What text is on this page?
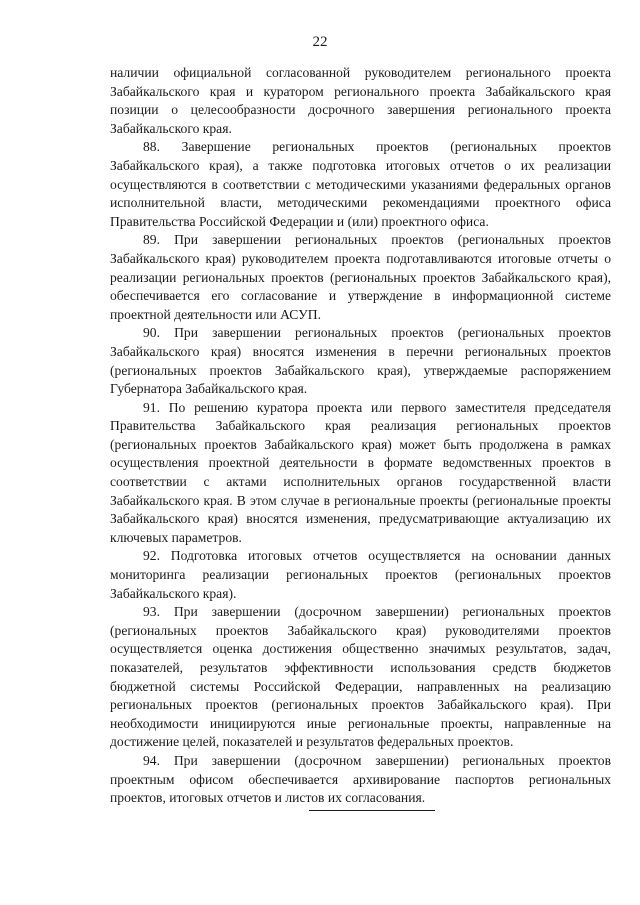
22

наличии официальной согласованной руководителем регионального проекта Забайкальского края и куратором регионального проекта Забайкальского края позиции о целесообразности досрочного завершения регионального проекта Забайкальского края.

88. Завершение региональных проектов (региональных проектов Забайкальского края), а также подготовка итоговых отчетов о их реализации осуществляются в соответствии с методическими указаниями федеральных органов исполнительной власти, методическими рекомендациями проектного офиса Правительства Российской Федерации и (или) проектного офиса.

89. При завершении региональных проектов (региональных проектов Забайкальского края) руководителем проекта подготавливаются итоговые отчеты о реализации региональных проектов (региональных проектов Забайкальского края), обеспечивается его согласование и утверждение в информационной системе проектной деятельности или АСУП.

90. При завершении региональных проектов (региональных проектов Забайкальского края) вносятся изменения в перечни региональных проектов (региональных проектов Забайкальского края), утверждаемые распоряжением Губернатора Забайкальского края.

91. По решению куратора проекта или первого заместителя председателя Правительства Забайкальского края реализация региональных проектов (региональных проектов Забайкальского края) может быть продолжена в рамках осуществления проектной деятельности в формате ведомственных проектов в соответствии с актами исполнительных органов государственной власти Забайкальского края. В этом случае в региональные проекты (региональные проекты Забайкальского края) вносятся изменения, предусматривающие актуализацию их ключевых параметров.

92. Подготовка итоговых отчетов осуществляется на основании данных мониторинга реализации региональных проектов (региональных проектов Забайкальского края).

93. При завершении (досрочном завершении) региональных проектов (региональных проектов Забайкальского края) руководителями проектов осуществляется оценка достижения общественно значимых результатов, задач, показателей, результатов эффективности использования средств бюджетов бюджетной системы Российской Федерации, направленных на реализацию региональных проектов (региональных проектов Забайкальского края). При необходимости инициируются иные региональные проекты, направленные на достижение целей, показателей и результатов федеральных проектов.

94. При завершении (досрочном завершении) региональных проектов проектным офисом обеспечивается архивирование паспортов региональных проектов, итоговых отчетов и листов их согласования.
